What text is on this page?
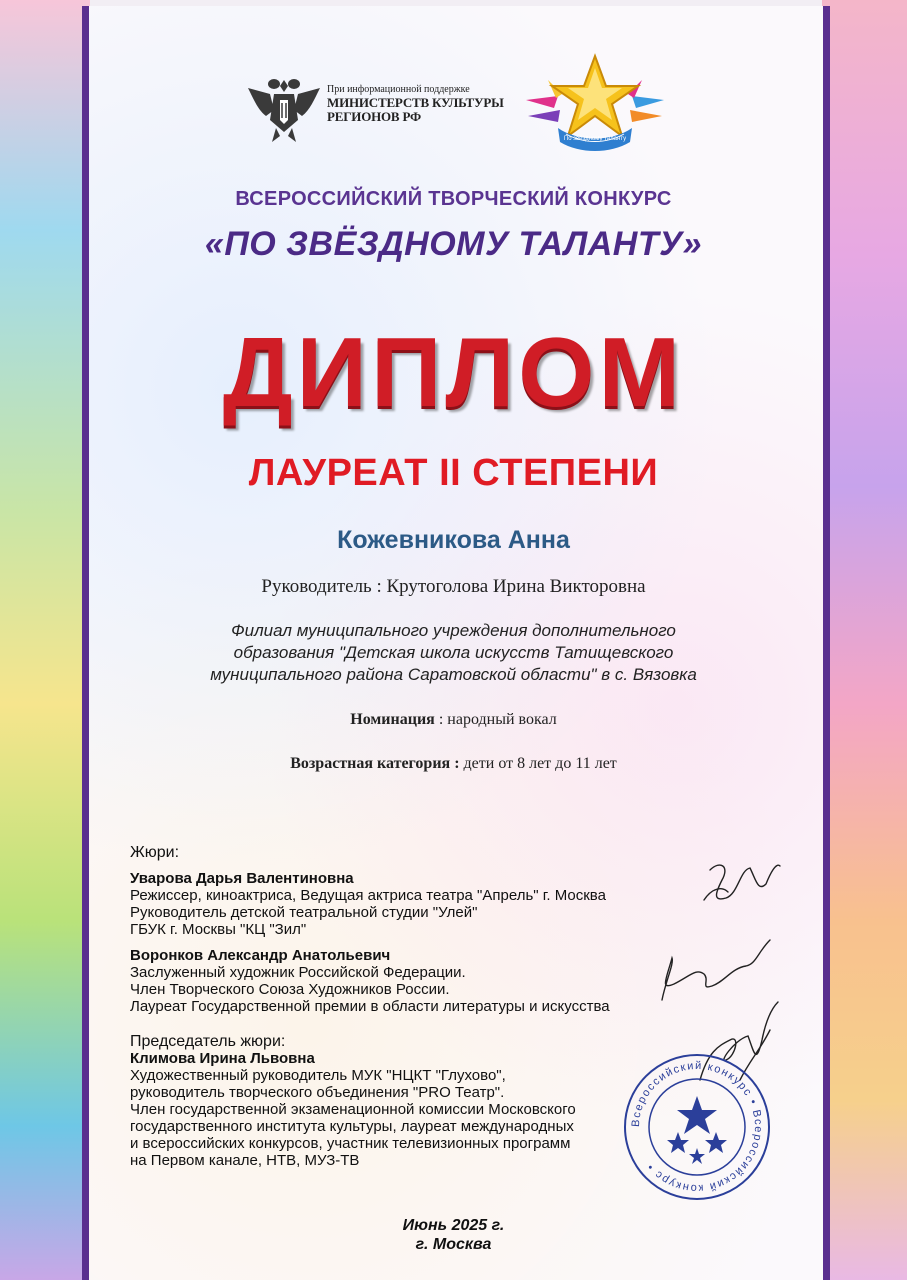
При информационной поддержке
МИНИСТЕРСТВ КУЛЬТУРЫ
РЕГИОНОВ РФ
По звёздному таланту
ВСЕРОССИЙСКИЙ ТВОРЧЕСКИЙ КОНКУРС
«ПО ЗВЁЗДНОМУ ТАЛАНТУ»
ДИПЛОМ
ЛАУРЕАТ II СТЕПЕНИ
Кожевникова Анна
Руководитель : Крутоголова Ирина Викторовна
Филиал муниципального учреждения дополнительного
образования "Детская школа искусств Татищевского
муниципального района Саратовской области" в с. Вязовка
Номинация : народный вокал
Возрастная категория : дети от 8 лет до 11 лет
Жюри:
Уварова Дарья Валентиновна
Режиссер, киноактриса, Ведущая актриса театра "Апрель" г. Москва
Руководитель детской театральной студии "Улей"
ГБУК г. Москвы "КЦ "Зил"
Воронков Александр Анатольевич
Заслуженный художник Российской Федерации.
Член Творческого Союза Художников России.
Лауреат Государственной премии в области литературы и искусства
Председатель жюри:
Климова Ирина Львовна
Художественный руководитель МУК "НЦКТ "Глухово",
руководитель творческого объединения "PRO Театр".
Член государственной экзаменационной комиссии Московского
государственного института культуры, лауреат международных
и всероссийских конкурсов, участник телевизионных программ
на Первом канале, НТВ, МУЗ-ТВ
Всероссийский конкурс • Всероссийский конкурс •
Июнь 2025 г.
г. Москва
